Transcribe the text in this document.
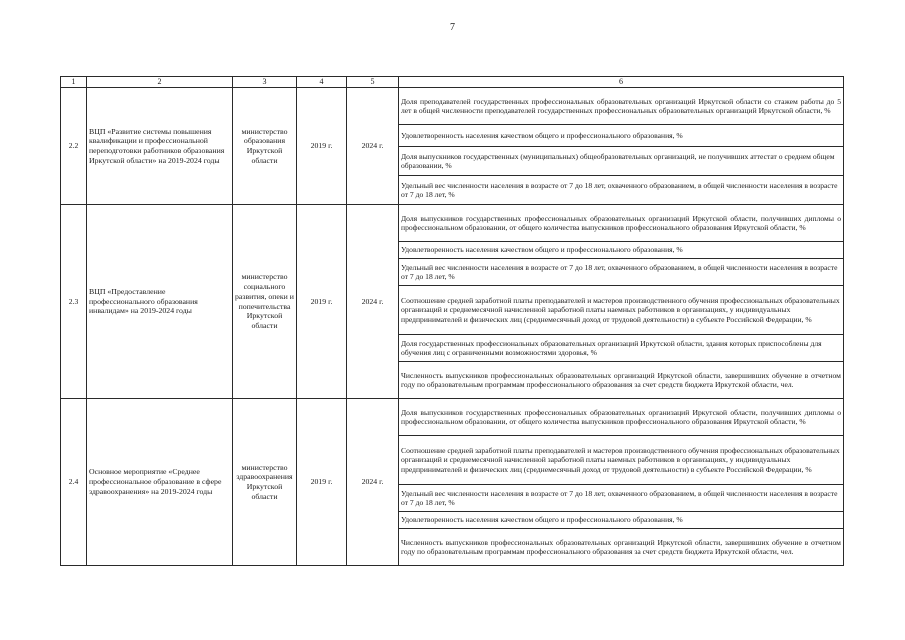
7
1	2	3	4	5	6
2.2	ВЦП «Развитие системы повышения квалификации и профессиональной переподготовки работников образования Иркутской области» на 2019-2024 годы	министерство образования Иркутской области	2019 г.	2024 г.	Доля преподавателей государственных профессиональных образовательных организаций Иркутской области со стажем работы до 5 лет в общей численности преподавателей государственных профессиональных образовательных организаций Иркутской области, %
					Удовлетворенность населения качеством общего и профессионального образования, %
					Доля выпускников государственных (муниципальных) общеобразовательных организаций, не получивших аттестат о среднем общем образовании, %
					Удельный вес численности населения в возрасте от 7 до 18 лет, охваченного образованием, в общей численности населения в возрасте от 7 до 18 лет, %
2.3	ВЦП «Предоставление профессионального образования инвалидам» на 2019-2024 годы	министерство социального развития, опеки и попечительства Иркутской области	2019 г.	2024 г.	Доля выпускников государственных профессиональных образовательных организаций Иркутской области, получивших дипломы о профессиональном образовании, от общего количества выпускников профессионального образования Иркутской области, %
					Удовлетворенность населения качеством общего и профессионального образования, %
					Удельный вес численности населения в возрасте от 7 до 18 лет, охваченного образованием, в общей численности населения в возрасте от 7 до 18 лет, %
					Соотношение средней заработной платы преподавателей и мастеров производственного обучения профессиональных образовательных организаций и среднемесячной начисленной заработной платы наемных работников в организациях, у индивидуальных предпринимателей и физических лиц (среднемесячный доход от трудовой деятельности) в субъекте Российской Федерации, %
					Доля государственных профессиональных образовательных организаций Иркутской области, здания которых приспособлены для обучения лиц с ограниченными возможностями здоровья, %
					Численность выпускников профессиональных образовательных организаций Иркутской области, завершивших обучение в отчетном году по образовательным программам профессионального образования за счет средств бюджета Иркутской области, чел.
2.4	Основное мероприятие «Среднее профессиональное образование в сфере здравоохранения» на 2019-2024 годы	министерство здравоохранения Иркутской области	2019 г.	2024 г.	Доля выпускников государственных профессиональных образовательных организаций Иркутской области, получивших дипломы о профессиональном образовании, от общего количества выпускников профессионального образования Иркутской области, %
					Соотношение средней заработной платы преподавателей и мастеров производственного обучения профессиональных образовательных организаций и среднемесячной начисленной заработной платы наемных работников в организациях, у индивидуальных предпринимателей и физических лиц (среднемесячный доход от трудовой деятельности) в субъекте Российской Федерации, %
					Удельный вес численности населения в возрасте от 7 до 18 лет, охваченного образованием, в общей численности населения в возрасте от 7 до 18 лет, %
					Удовлетворенность населения качеством общего и профессионального образования, %
					Численность выпускников профессиональных образовательных организаций Иркутской области, завершивших обучение в отчетном году по образовательным программам профессионального образования за счет средств бюджета Иркутской области, чел.
